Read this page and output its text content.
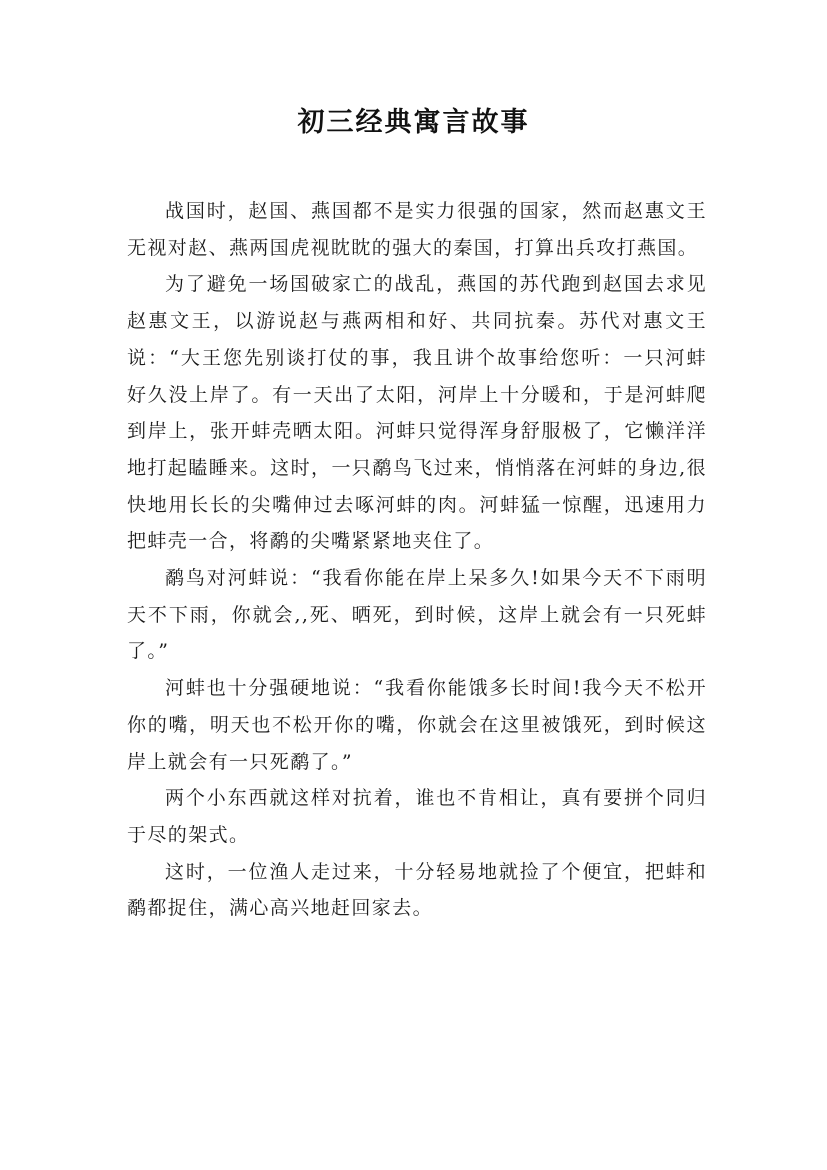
初三经典寓言故事

战国时，赵国、燕国都不是实力很强的国家，然而赵惠文王无视对赵、燕两国虎视眈眈的强大的秦国，打算出兵攻打燕国。

为了避免一场国破家亡的战乱，燕国的苏代跑到赵国去求见赵惠文王，以游说赵与燕两相和好、共同抗秦。苏代对惠文王说：“大王您先别谈打仗的事，我且讲个故事给您听：一只河蚌好久没上岸了。有一天出了太阳，河岸上十分暖和，于是河蚌爬到岸上，张开蚌壳晒太阳。河蚌只觉得浑身舒服极了，它懒洋洋地打起瞌睡来。这时，一只鹬鸟飞过来，悄悄落在河蚌的身边,很快地用长长的尖嘴伸过去啄河蚌的肉。河蚌猛一惊醒，迅速用力把蚌壳一合，将鹬的尖嘴紧紧地夹住了。

鹬鸟对河蚌说：“我看你能在岸上呆多久!如果今天不下雨明天不下雨，你就会,,死、晒死，到时候，这岸上就会有一只死蚌了。”

河蚌也十分强硬地说：“我看你能饿多长时间!我今天不松开你的嘴，明天也不松开你的嘴，你就会在这里被饿死，到时候这岸上就会有一只死鹬了。”

两个小东西就这样对抗着，谁也不肯相让，真有要拼个同归于尽的架式。

这时，一位渔人走过来，十分轻易地就捡了个便宜，把蚌和鹬都捉住，满心高兴地赶回家去。
